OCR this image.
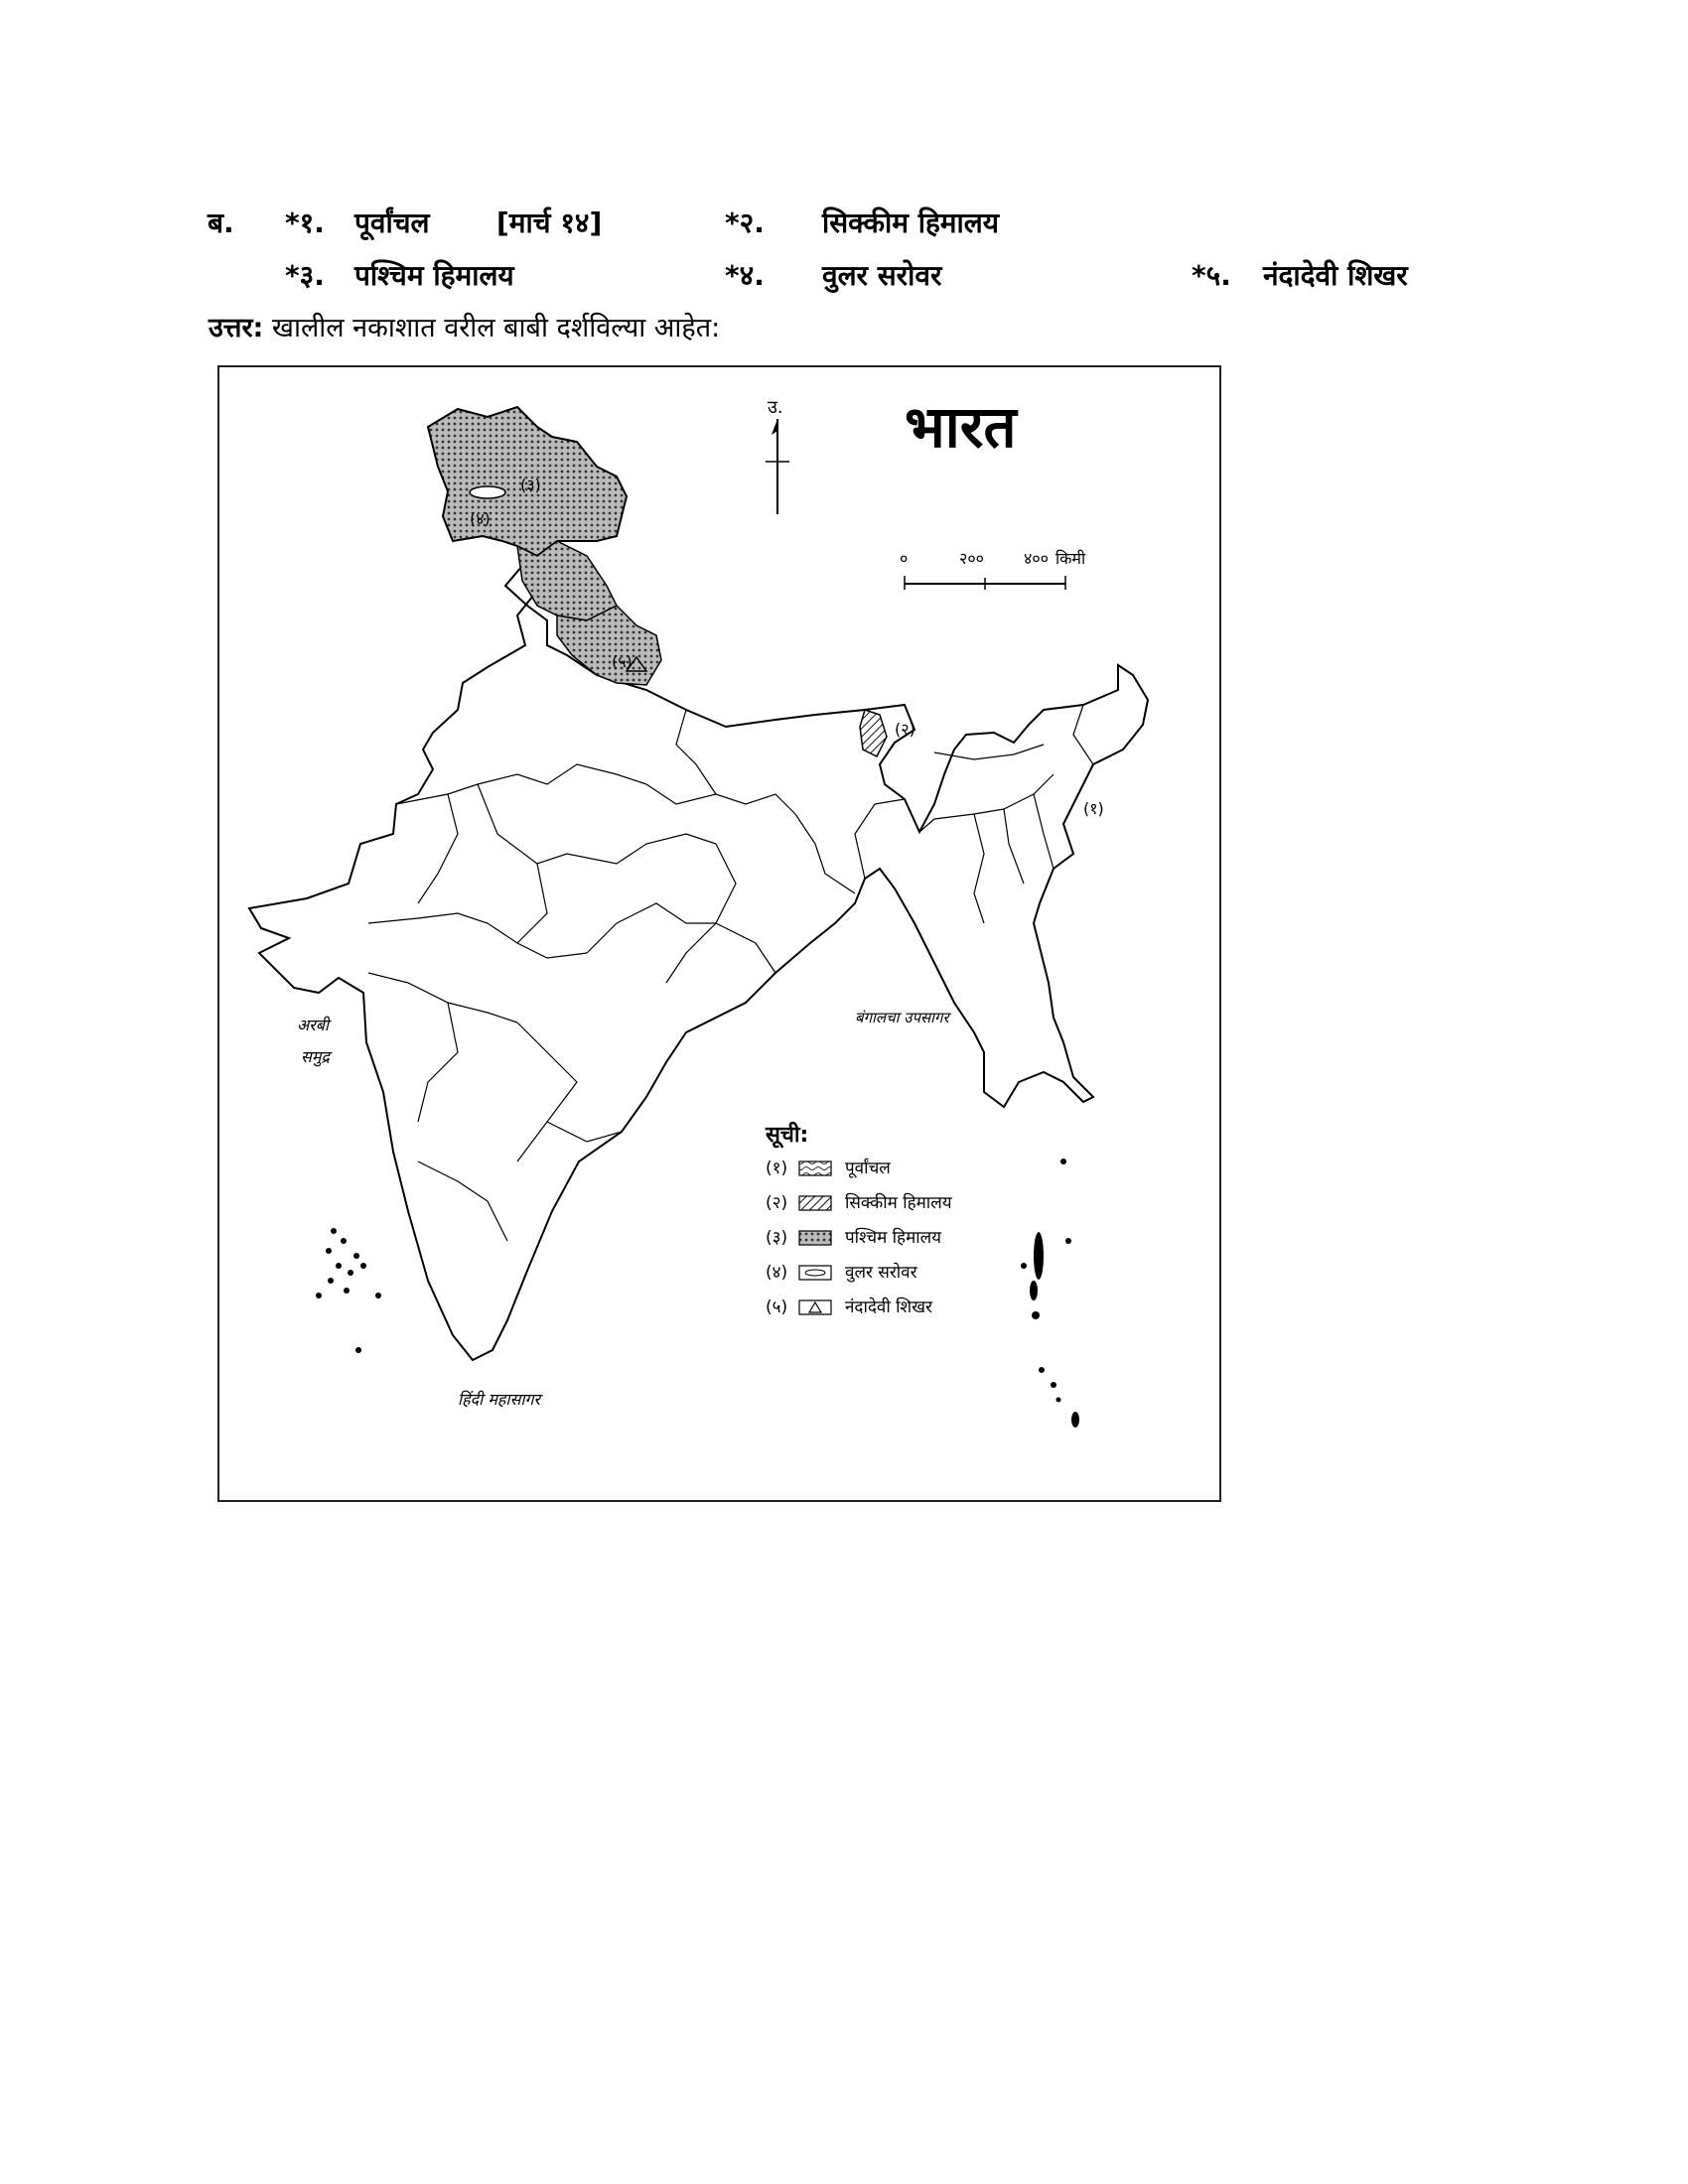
ब. *१. पूर्वांचल [मार्च १४]	*२. सिक्कीम हिमालय
*३. पश्चिम हिमालय	*४. वुलर सरोवर	*५. नंदादेवी शिखर
उत्तर: खालील नकाशात वरील बाबी दर्शविल्या आहेत:
भारत
उ.
०	२००	४०० किमी
(३)
(४)
(५)
(२)
(१)
अरबी
समुद्र
बंगालचा उपसागर
हिंदी महासागर
सूची:
(१)	पूर्वांचल
(२)	सिक्कीम हिमालय
(३)	पश्चिम हिमालय
(४)	वुलर सरोवर
(५)	नंदादेवी शिखर
